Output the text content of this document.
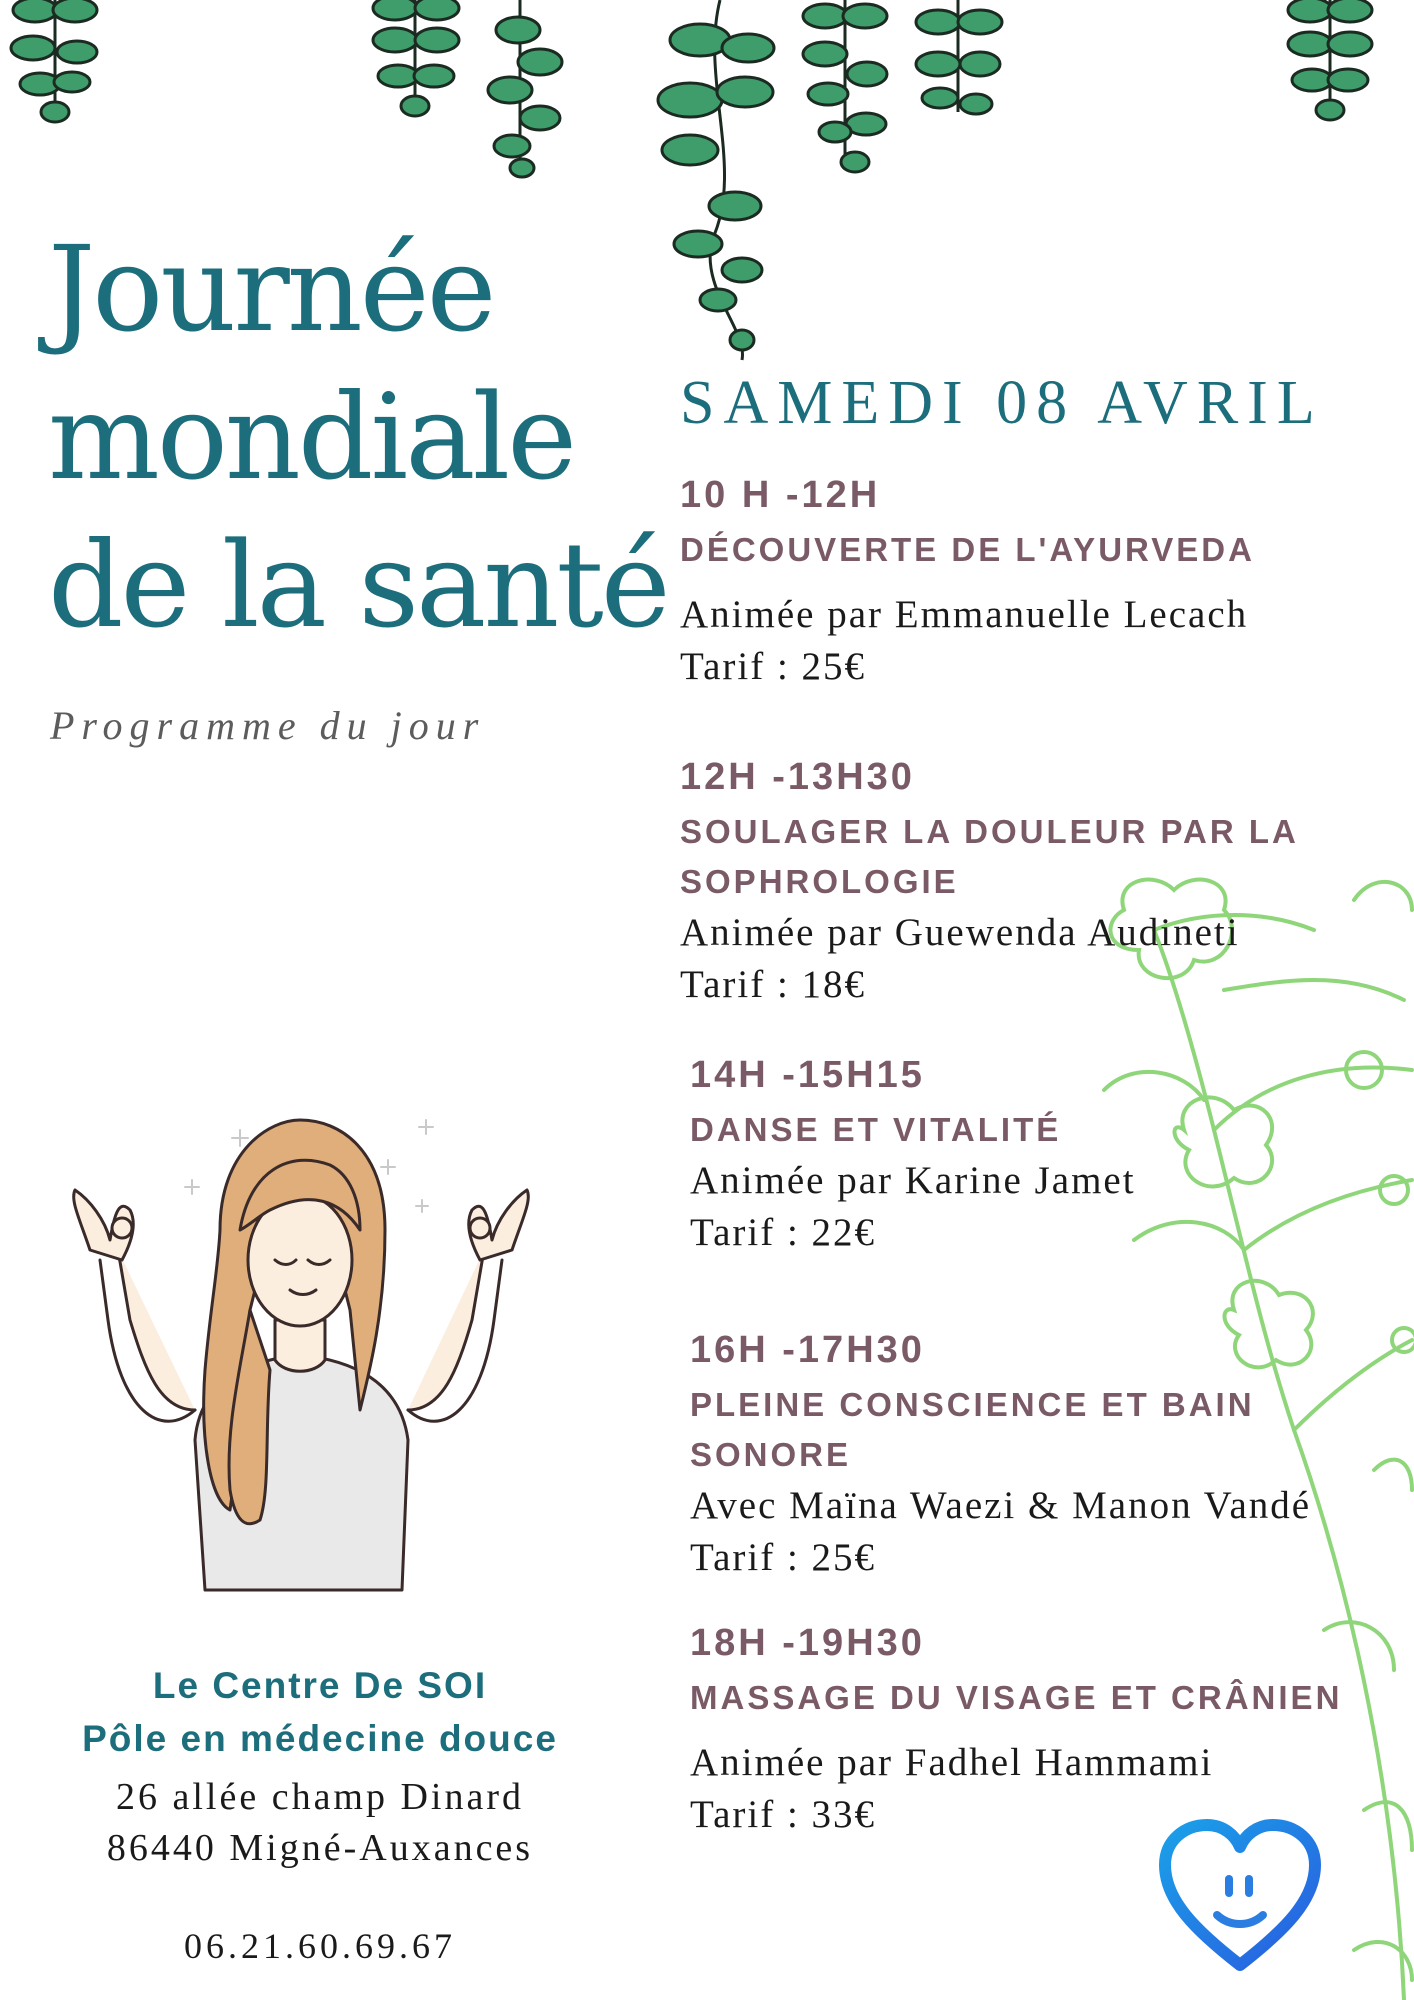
Journée
mondiale
de la santé
Programme du jour
SAMEDI 08 AVRIL
10 H -12H
DÉCOUVERTE DE L'AYURVEDA
Animée par Emmanuelle Lecach
Tarif : 25€
12H -13H30
SOULAGER LA DOULEUR PAR LA SOPHROLOGIE
Animée par Guewenda Audineti
Tarif : 18€
14H -15H15
DANSE ET VITALITÉ
Animée par Karine Jamet
Tarif : 22€
16H -17H30
PLEINE CONSCIENCE ET BAIN SONORE
Avec Maïna Waezi & Manon Vandé
Tarif : 25€
18H -19H30
MASSAGE DU VISAGE ET CRÂNIEN
Animée par Fadhel Hammami
Tarif : 33€
Le Centre De SOI
Pôle en médecine douce
26 allée champ Dinard
86440 Migné-Auxances
06.21.60.69.67
